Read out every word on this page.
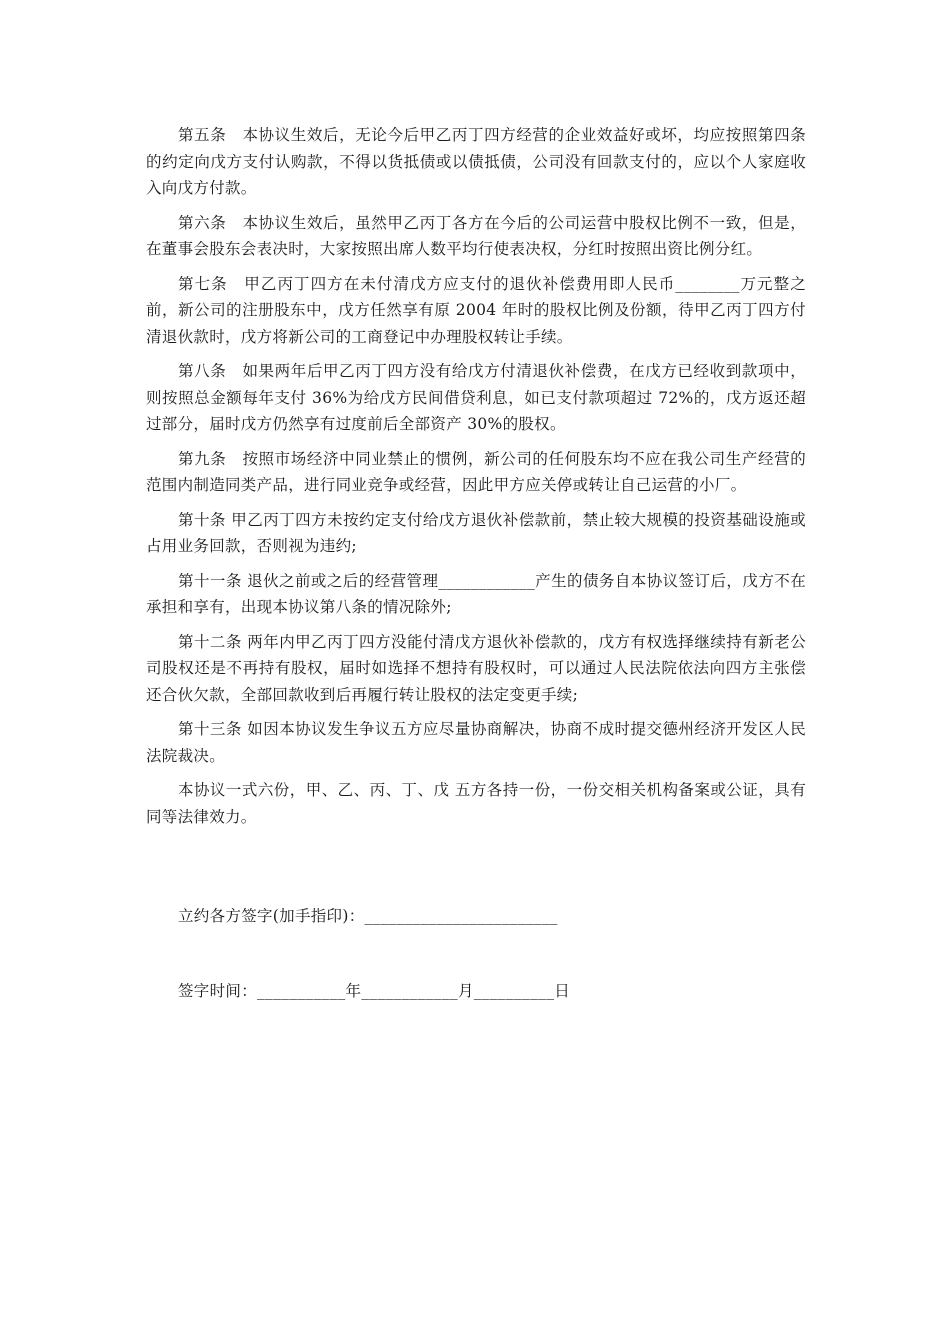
第五条　本协议生效后，无论今后甲乙丙丁四方经营的企业效益好或坏，均应按照第四条的约定向戊方支付认购款，不得以货抵债或以债抵债，公司没有回款支付的，应以个人家庭收入向戊方付款。

第六条　本协议生效后，虽然甲乙丙丁各方在今后的公司运营中股权比例不一致，但是，在董事会股东会表决时，大家按照出席人数平均行使表决权，分红时按照出资比例分红。

第七条　甲乙丙丁四方在未付清戊方应支付的退伙补偿费用即人民币________万元整之前，新公司的注册股东中，戊方任然享有原 2004 年时的股权比例及份额，待甲乙丙丁四方付清退伙款时，戊方将新公司的工商登记中办理股权转让手续。

第八条　如果两年后甲乙丙丁四方没有给戊方付清退伙补偿费，在戊方已经收到款项中，则按照总金额每年支付 36%为给戊方民间借贷利息，如已支付款项超过 72%的，戊方返还超过部分，届时戊方仍然享有过度前后全部资产 30%的股权。

第九条　按照市场经济中同业禁止的惯例，新公司的任何股东均不应在我公司生产经营的范围内制造同类产品，进行同业竞争或经营，因此甲方应关停或转让自己运营的小厂。

第十条 甲乙丙丁四方未按约定支付给戊方退伙补偿款前，禁止较大规模的投资基础设施或占用业务回款，否则视为违约;

第十一条 退伙之前或之后的经营管理____________产生的债务自本协议签订后，戊方不在承担和享有，出现本协议第八条的情况除外;

第十二条 两年内甲乙丙丁四方没能付清戊方退伙补偿款的，戊方有权选择继续持有新老公司股权还是不再持有股权，届时如选择不想持有股权时，可以通过人民法院依法向四方主张偿还合伙欠款，全部回款收到后再履行转让股权的法定变更手续;

第十三条 如因本协议发生争议五方应尽量协商解决，协商不成时提交德州经济开发区人民法院裁决。

本协议一式六份，甲、乙、丙、丁、戊 五方各持一份，一份交相关机构备案或公证，具有同等法律效力。

立约各方签字(加手指印)：________________________
签字时间：___________年____________月__________日
